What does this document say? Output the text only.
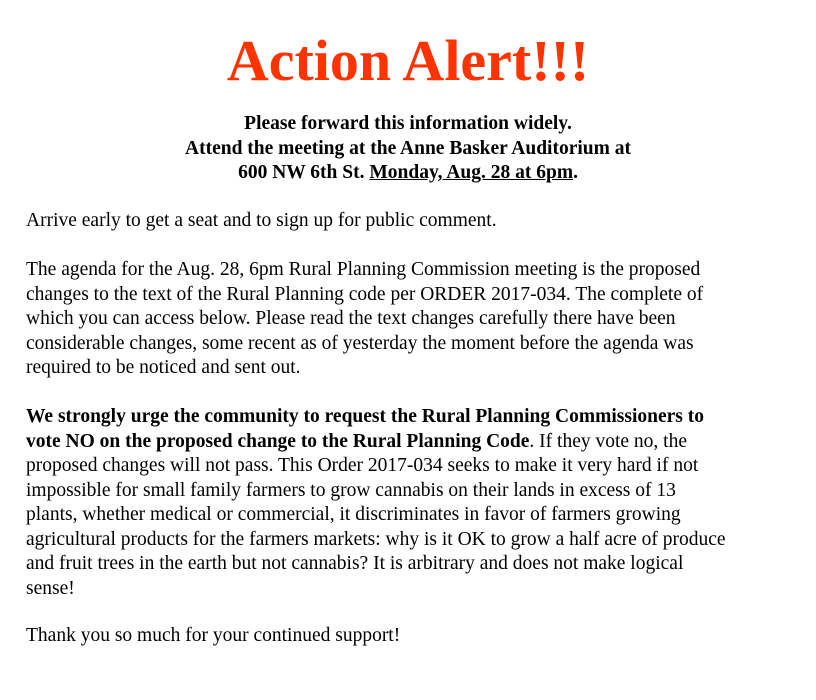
Action Alert!!!
Please forward this information widely.
Attend the meeting at the Anne Basker Auditorium at
600 NW 6th St. Monday, Aug. 28 at 6pm.

Arrive early to get a seat and to sign up for public comment.

The agenda for the Aug. 28, 6pm Rural Planning Commission meeting is the proposed
changes to the text of the Rural Planning code per ORDER 2017-034. The complete of
which you can access below. Please read the text changes carefully there have been
considerable changes, some recent as of yesterday the moment before the agenda was
required to be noticed and sent out.
We strongly urge the community to request the Rural Planning Commissioners to
vote NO on the proposed change to the Rural Planning Code. If they vote no, the
proposed changes will not pass. This Order 2017-034 seeks to make it very hard if not
impossible for small family farmers to grow cannabis on their lands in excess of 13
plants, whether medical or commercial, it discriminates in favor of farmers growing
agricultural products for the farmers markets: why is it OK to grow a half acre of produce
and fruit trees in the earth but not cannabis? It is arbitrary and does not make logical
sense!

Thank you so much for your continued support!
